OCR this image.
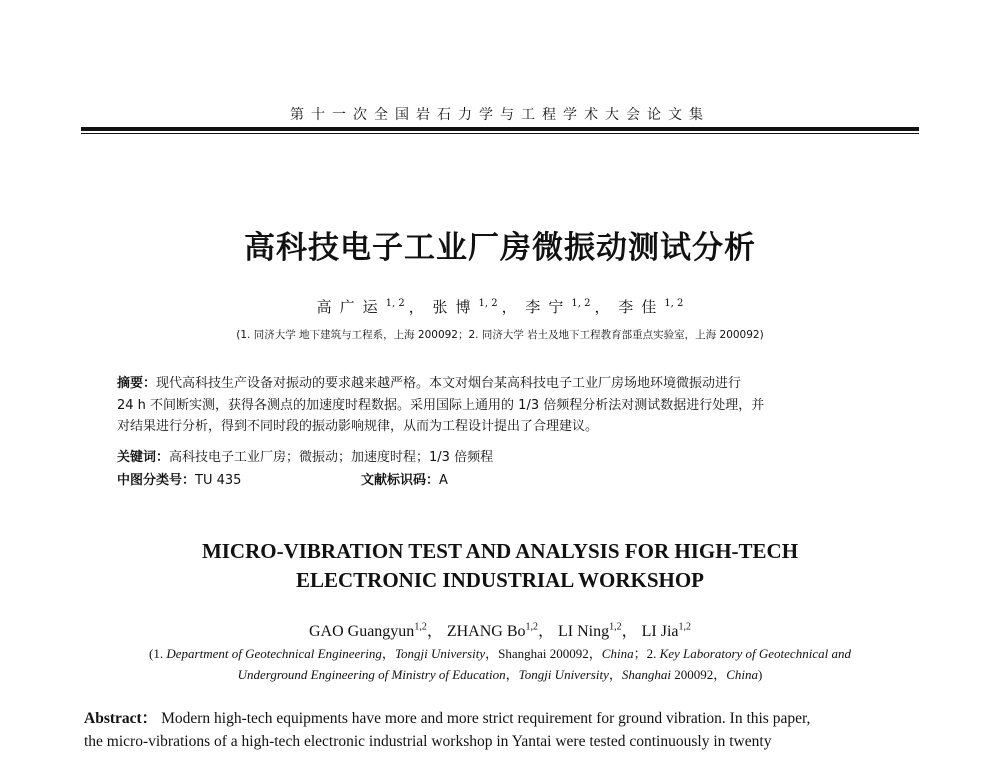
第十一次全国岩石力学与工程学术大会论文集
高科技电子工业厂房微振动测试分析
高广运$^{1, 2}$ ， 张博$^{1, 2}$ ， 李宁$^{1, 2}$ ， 李佳$^{1, 2}$
(1. 同济大学 地下建筑与工程系，上海 200092；2. 同济大学 岩土及地下工程教育部重点实验室，上海 200092)

摘要：现代高科技生产设备对振动的要求越来越严格。本文对烟台某高科技电子工业厂房场地环境微振动进行

24 h 不间断实测，获得各测点的加速度时程数据。采用国际上通用的 1/3 倍频程分析法对测试数据进行处理，并

对结果进行分析，得到不同时段的振动影响规律，从而为工程设计提出了合理建议。

关键词：高科技电子工业厂房；微振动；加速度时程；1/3 倍频程
中图分类号：TU 435	文献标识码：A
MICRO-VIBRATION TEST AND ANALYSIS FOR HIGH-TECH
ELECTRONIC INDUSTRIAL WORKSHOP
GAO Guangyun$^{1,2}$， ZHANG Bo$^{1,2}$， LI Ning$^{1,2}$， LI Jia$^{1,2}$
(1. Department of Geotechnical Engineering，Tongji University，Shanghai 200092，China；2. Key Laboratory of Geotechnical and
Underground Engineering of Ministry of Education，Tongji University，Shanghai 200092，China)

Abstract： Modern high-tech equipments have more and more strict requirement for ground vibration. In this paper,

the micro-vibrations of a high-tech electronic industrial workshop in Yantai were tested continuously in twenty
